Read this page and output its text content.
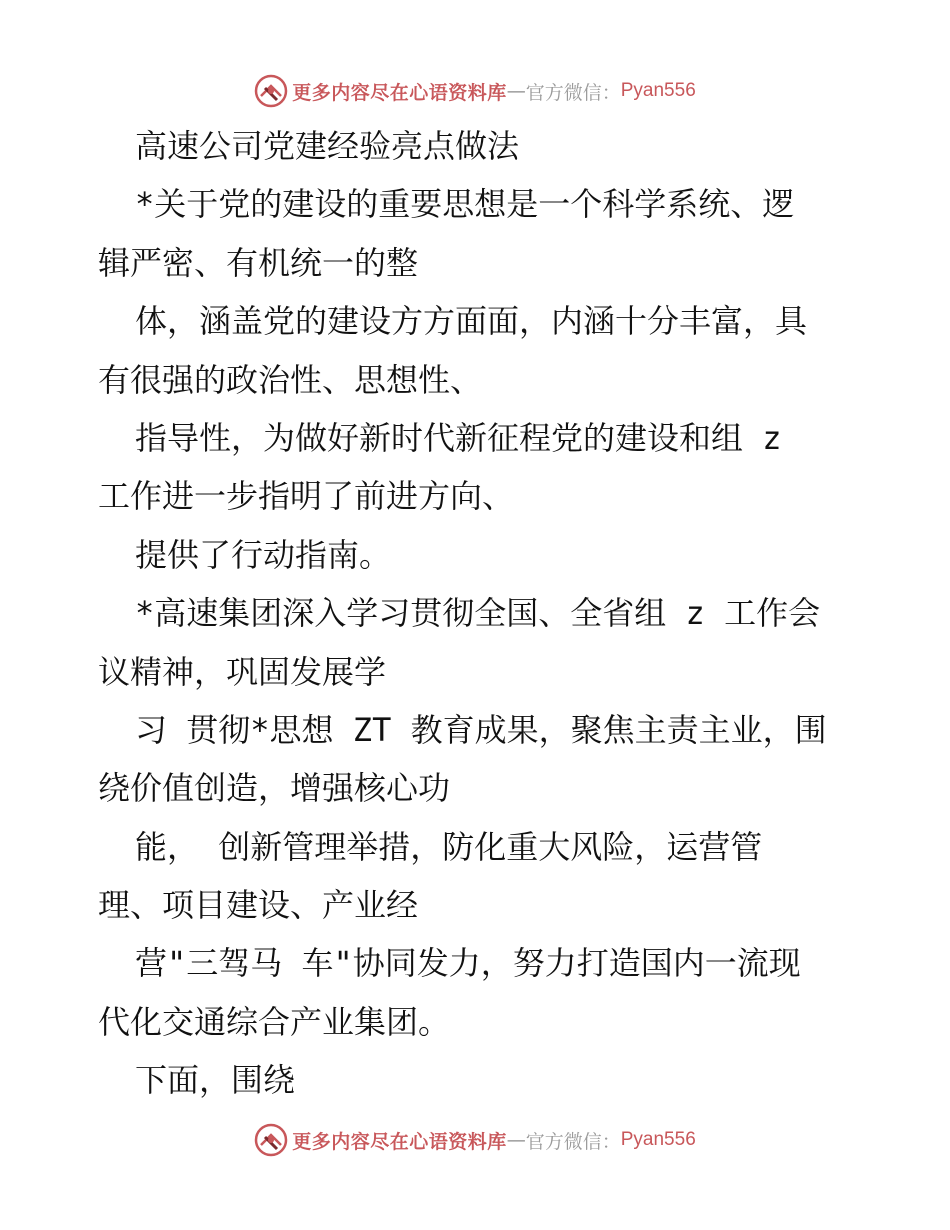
更多内容尽在心语资料库 — 官方微信： Pyan556
高速公司党建经验亮点做法
*关于党的建设的重要思想是一个科学系统、逻
辑严密、有机统一的整
体，涵盖党的建设方方面面，内涵十分丰富，具
有很强的政治性、思想性、
指导性，为做好新时代新征程党的建设和组 z
工作进一步指明了前进方向、
提供了行动指南。
*高速集团深入学习贯彻全国、全省组 z 工作会
议精神，巩固发展学
习 贯彻*思想 ZT 教育成果，聚焦主责主业，围
绕价值创造，增强核心功
能， 创新管理举措，防化重大风险，运营管
理、项目建设、产业经
营"三驾马 车"协同发力，努力打造国内一流现
代化交通综合产业集团。
下面，围绕
更多内容尽在心语资料库 — 官方微信： Pyan556
